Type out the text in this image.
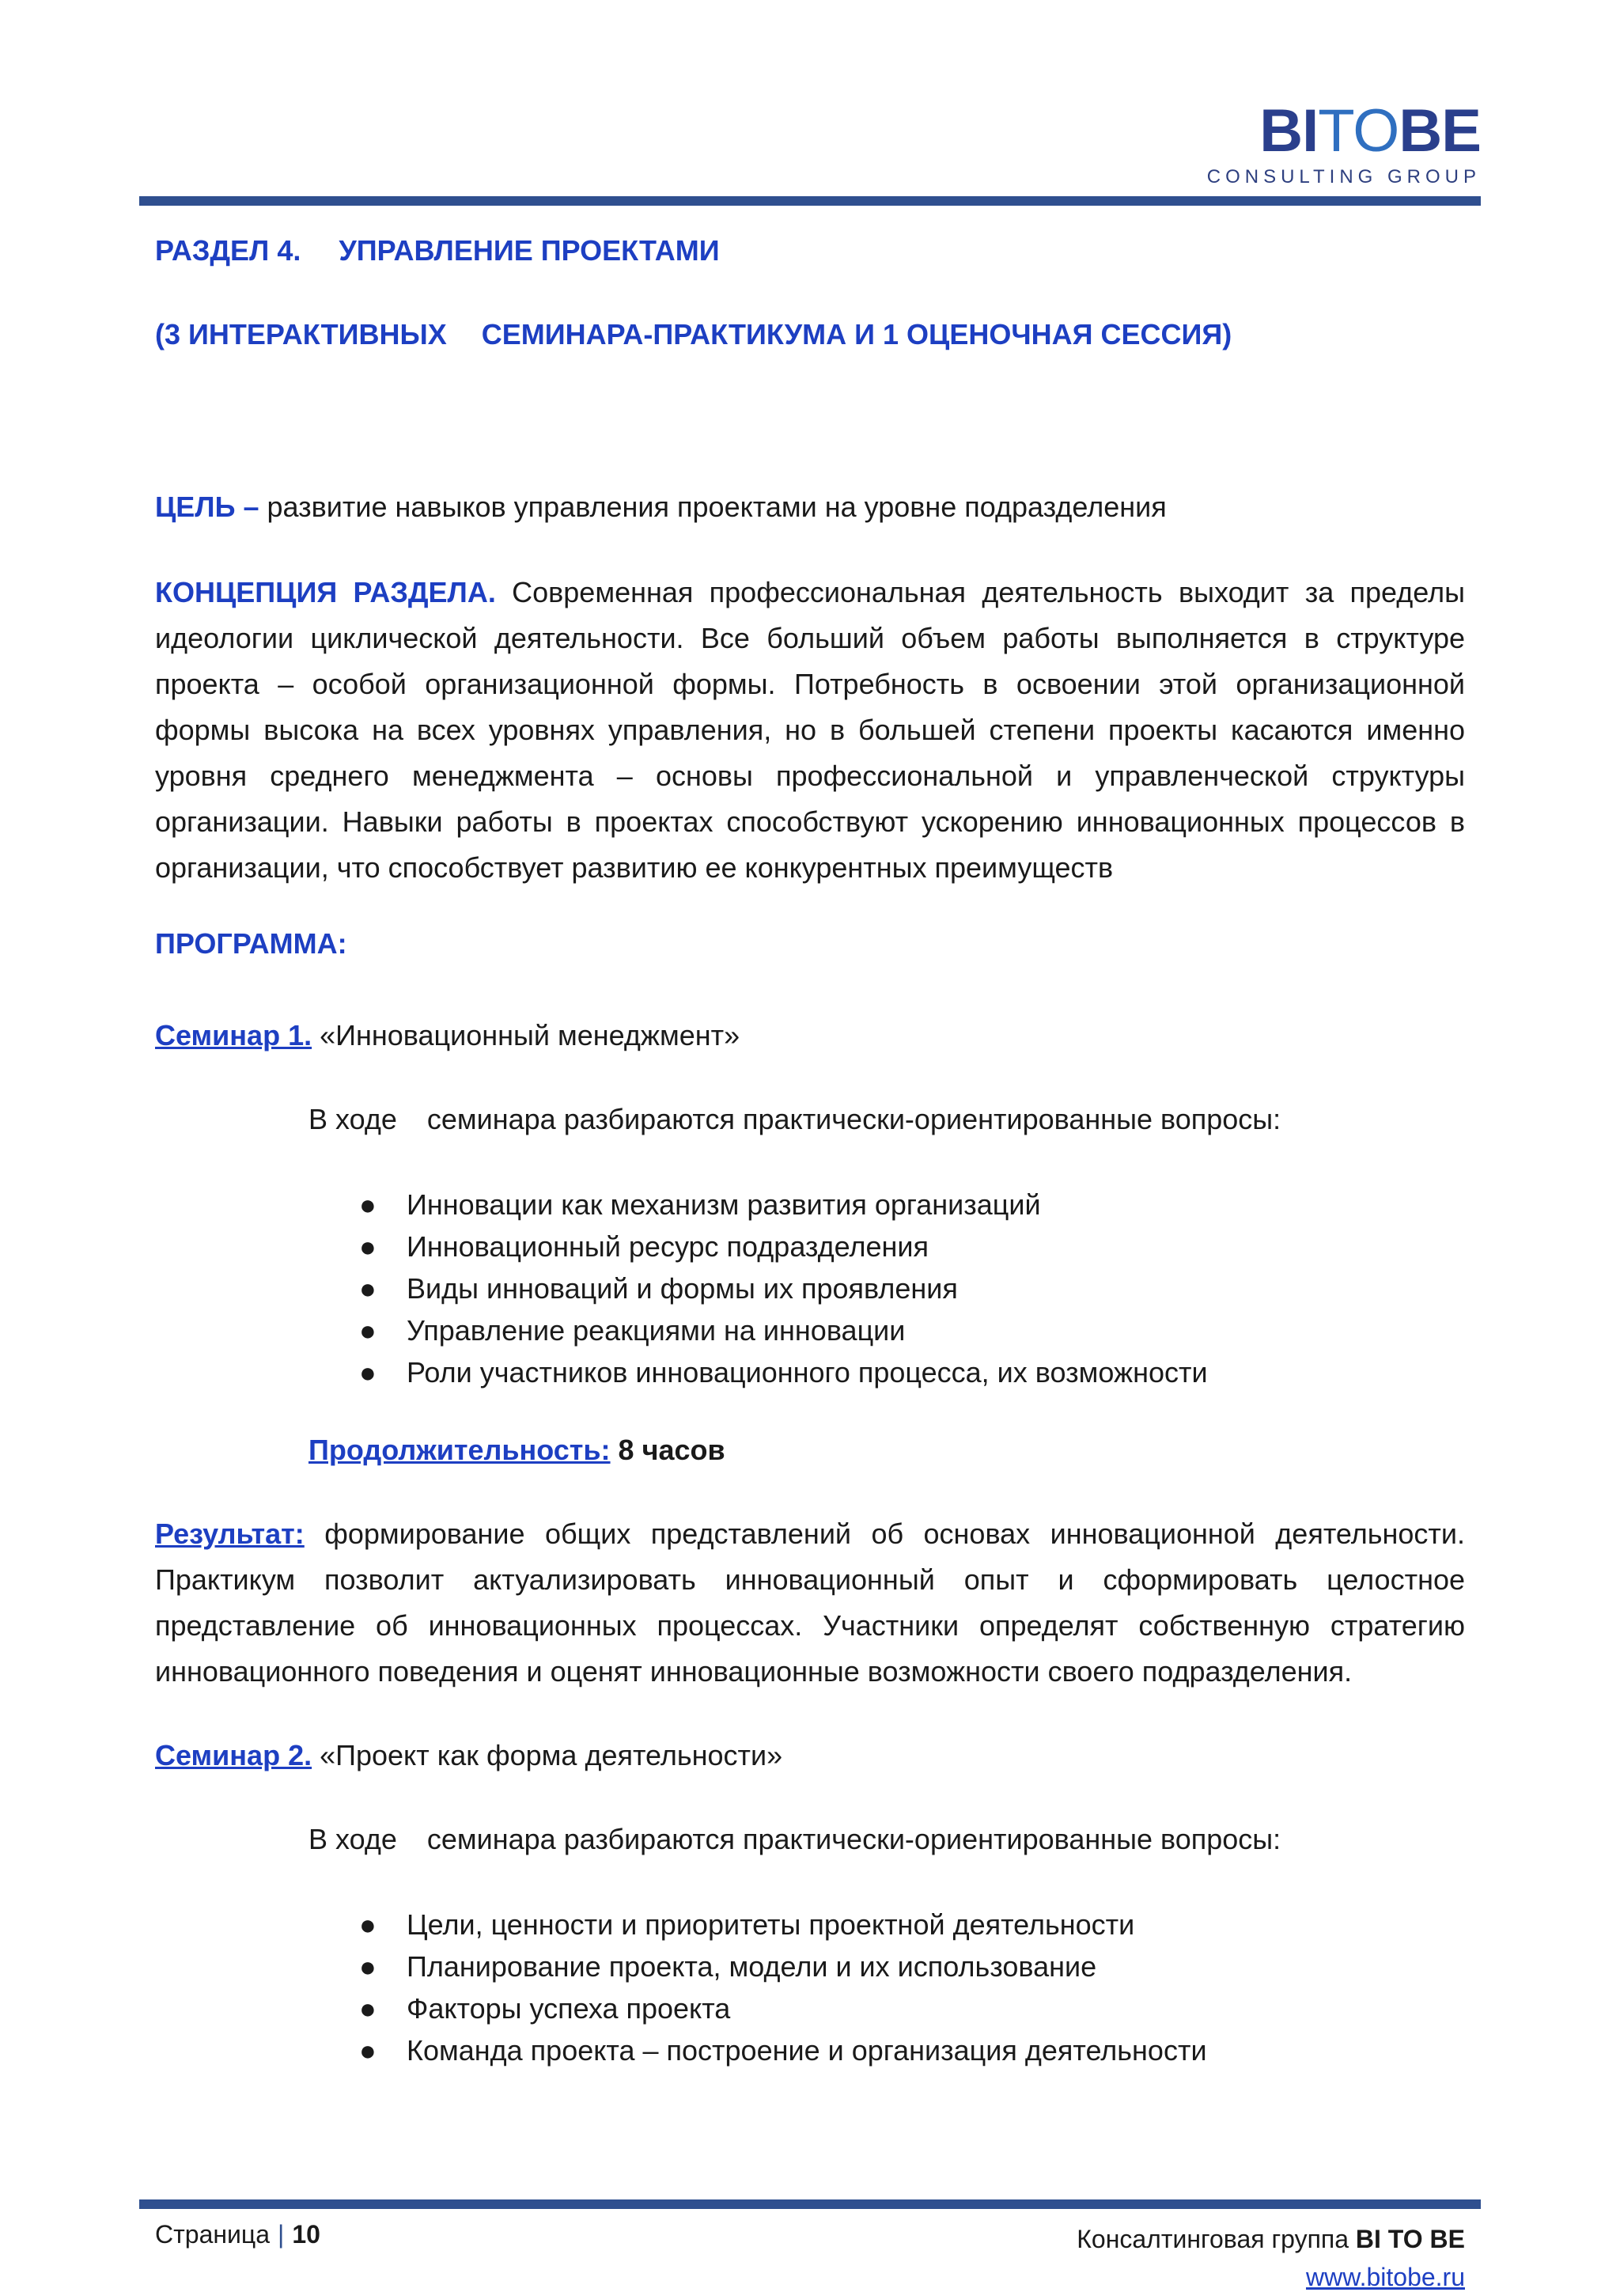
BITOBE
CONSULTING GROUP
РАЗДЕЛ 4. УПРАВЛЕНИЕ ПРОЕКТАМИ
(3 ИНТЕРАКТИВНЫХ СЕМИНАРА-ПРАКТИКУМА И 1 ОЦЕНОЧНАЯ СЕССИЯ)

ЦЕЛЬ – развитие навыков управления проектами на уровне подразделения

КОНЦЕПЦИЯ РАЗДЕЛА. Современная профессиональная деятельность выходит за пределы идеологии циклической деятельности. Все больший объем работы выполняется в структуре проекта – особой организационной формы. Потребность в освоении этой организационной формы высока на всех уровнях управления, но в большей степени проекты касаются именно уровня среднего менеджмента – основы профессиональной и управленческой структуры организации. Навыки работы в проектах способствуют ускорению инновационных процессов в организации, что способствует развитию ее конкурентных преимуществ

ПРОГРАММА:

Семинар 1. «Инновационный менеджмент»

В ходе семинара разбираются практически-ориентированные вопросы:

● Инновации как механизм развития организаций
● Инновационный ресурс подразделения
● Виды инноваций и формы их проявления
● Управление реакциями на инновации
● Роли участников инновационного процесса, их возможности

Продолжительность: 8 часов

Результат: формирование общих представлений об основах инновационной деятельности. Практикум позволит актуализировать инновационный опыт и сформировать целостное представление об инновационных процессах. Участники определят собственную стратегию инновационного поведения и оценят инновационные возможности своего подразделения.

Семинар 2. «Проект как форма деятельности»

В ходе семинара разбираются практически-ориентированные вопросы:

● Цели, ценности и приоритеты проектной деятельности
● Планирование проекта, модели и их использование
● Факторы успеха проекта
● Команда проекта – построение и организация деятельности
Страница | 10	Консалтинговая группа BI TO BE
www.bitobe.ru
